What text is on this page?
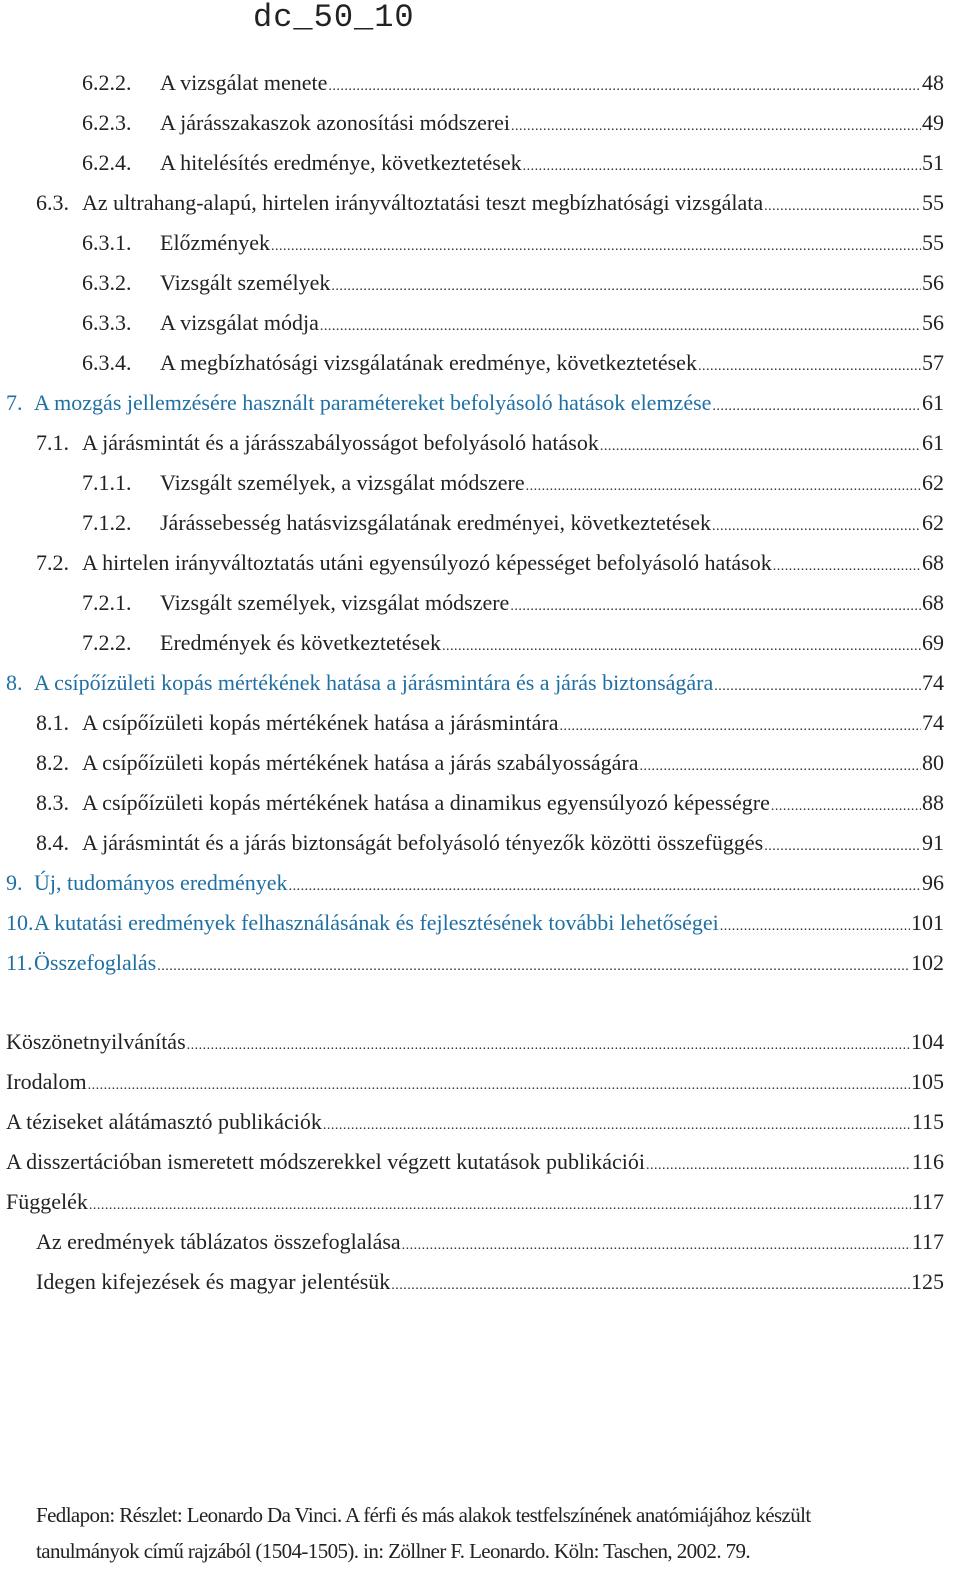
dc_50_10
6.2.2.	A vizsgálat menete .....	48
6.2.3.	A járásszakaszok azonosítási módszerei .....	49
6.2.4.	A hitelésítés eredménye, következtetések .....	51
6.3. Az ultrahang-alapú, hirtelen irányváltoztatási teszt megbízhatósági vizsgálata .....	55
6.3.1.	Előzmények .....	55
6.3.2.	Vizsgált személyek .....	56
6.3.3.	A vizsgálat módja .....	56
6.3.4.	A megbízhatósági vizsgálatának eredménye, következtetések .....	57
7. A mozgás jellemzésére használt paramétereket befolyásoló hatások elemzése .....	61
7.1. A járásmintát és a járásszabályosságot befolyásoló hatások .....	61
7.1.1.	Vizsgált személyek, a vizsgálat módszere .....	62
7.1.2.	Járássebesség hatásvizsgálatának eredményei, következtetések .....	62
7.2. A hirtelen irányváltoztatás utáni egyensúlyozó képességet befolyásoló hatások .....	68
7.2.1.	Vizsgált személyek, vizsgálat módszere .....	68
7.2.2.	Eredmények és következtetések .....	69
8. A csípőízületi kopás mértékének hatása a járásmintára és a járás biztonságára .....	74
8.1. A csípőízületi kopás mértékének hatása a járásmintára .....	74
8.2. A csípőízületi kopás mértékének hatása a járás szabályosságára .....	80
8.3. A csípőízületi kopás mértékének hatása a dinamikus egyensúlyozó képességre .....	88
8.4. A járásmintát és a járás biztonságát befolyásoló tényezők közötti összefüggés .....	91
9. Új, tudományos eredmények .....	96
10. A kutatási eredmények felhasználásának és fejlesztésének további lehetőségei .....	101
11. Összefoglalás .....	102
Köszönetnyilvánítás .....	104
Irodalom .....	105
A téziseket alátámasztó publikációk .....	115
A disszertációban ismeretett módszerekkel végzett kutatások publikációi .....	116
Függelék .....	117
Az eredmények táblázatos összefoglalása .....	117
Idegen kifejezések és magyar jelentésük .....	125
Fedlapon: Részlet: Leonardo Da Vinci. A férfi és más alakok testfelszínének anatómiájához készült
tanulmányok című rajzából (1504-1505). in: Zöllner F. Leonardo. Köln: Taschen, 2002. 79.
